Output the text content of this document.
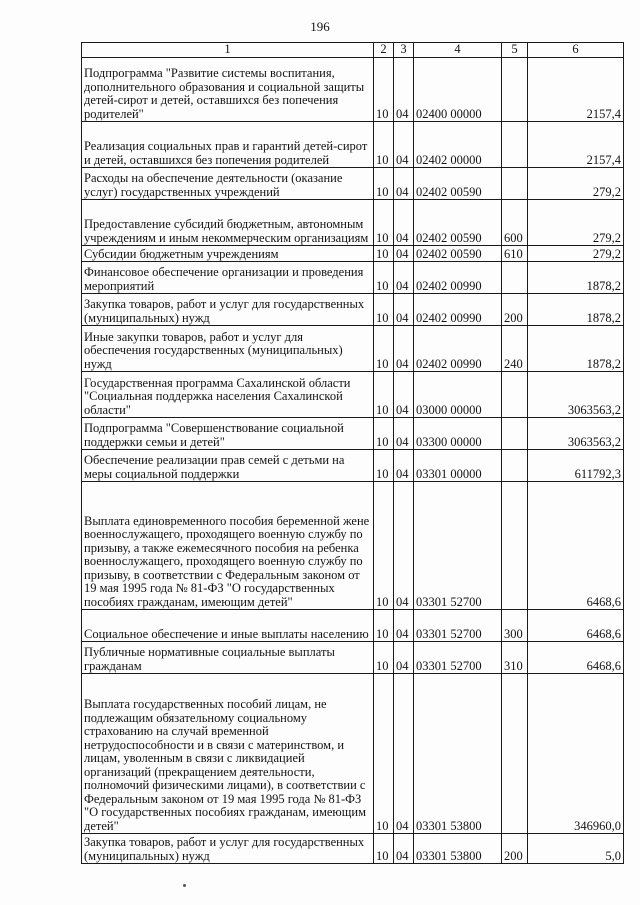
196
1	2	3	4	5	6
Подпрограмма "Развитие системы воспитания, дополнительного образования и социальной защиты детей-сирот и детей, оставшихся без попечения родителей"	10	04	02400 00000		2157,4
Реализация социальных прав и гарантий детей-сирот и детей, оставшихся без попечения родителей	10	04	02402 00000		2157,4
Расходы на обеспечение деятельности (оказание услуг) государственных учреждений	10	04	02402 00590		279,2
Предоставление субсидий бюджетным, автономным учреждениям и иным некоммерческим организациям	10	04	02402 00590	600	279,2
Субсидии бюджетным учреждениям	10	04	02402 00590	610	279,2
Финансовое обеспечение организации и проведения мероприятий	10	04	02402 00990		1878,2
Закупка товаров, работ и услуг для государственных (муниципальных) нужд	10	04	02402 00990	200	1878,2
Иные закупки товаров, работ и услуг для обеспечения государственных (муниципальных) нужд	10	04	02402 00990	240	1878,2
Государственная программа Сахалинской области "Социальная поддержка населения Сахалинской области"	10	04	03000 00000		3063563,2
Подпрограмма "Совершенствование социальной поддержки семьи и детей"	10	04	03300 00000		3063563,2
Обеспечение реализации прав семей с детьми на меры социальной поддержки	10	04	03301 00000		611792,3
Выплата единовременного пособия беременной жене военнослужащего, проходящего военную службу по призыву, а также ежемесячного пособия на ребенка военнослужащего, проходящего военную службу по призыву, в соответствии с Федеральным законом от 19 мая 1995 года № 81-ФЗ "О государственных пособиях гражданам, имеющим детей"	10	04	03301 52700		6468,6
Социальное обеспечение и иные выплаты населению	10	04	03301 52700	300	6468,6
Публичные нормативные социальные выплаты гражданам	10	04	03301 52700	310	6468,6
Выплата государственных пособий лицам, не подлежащим обязательному социальному страхованию на случай временной нетрудоспособности и в связи с материнством, и лицам, уволенным в связи с ликвидацией организаций (прекращением деятельности, полномочий физическими лицами), в соответствии с Федеральным законом от 19 мая 1995 года № 81-ФЗ "О государственных пособиях гражданам, имеющим детей"	10	04	03301 53800		346960,0
Закупка товаров, работ и услуг для государственных (муниципальных) нужд	10	04	03301 53800	200	5,0
